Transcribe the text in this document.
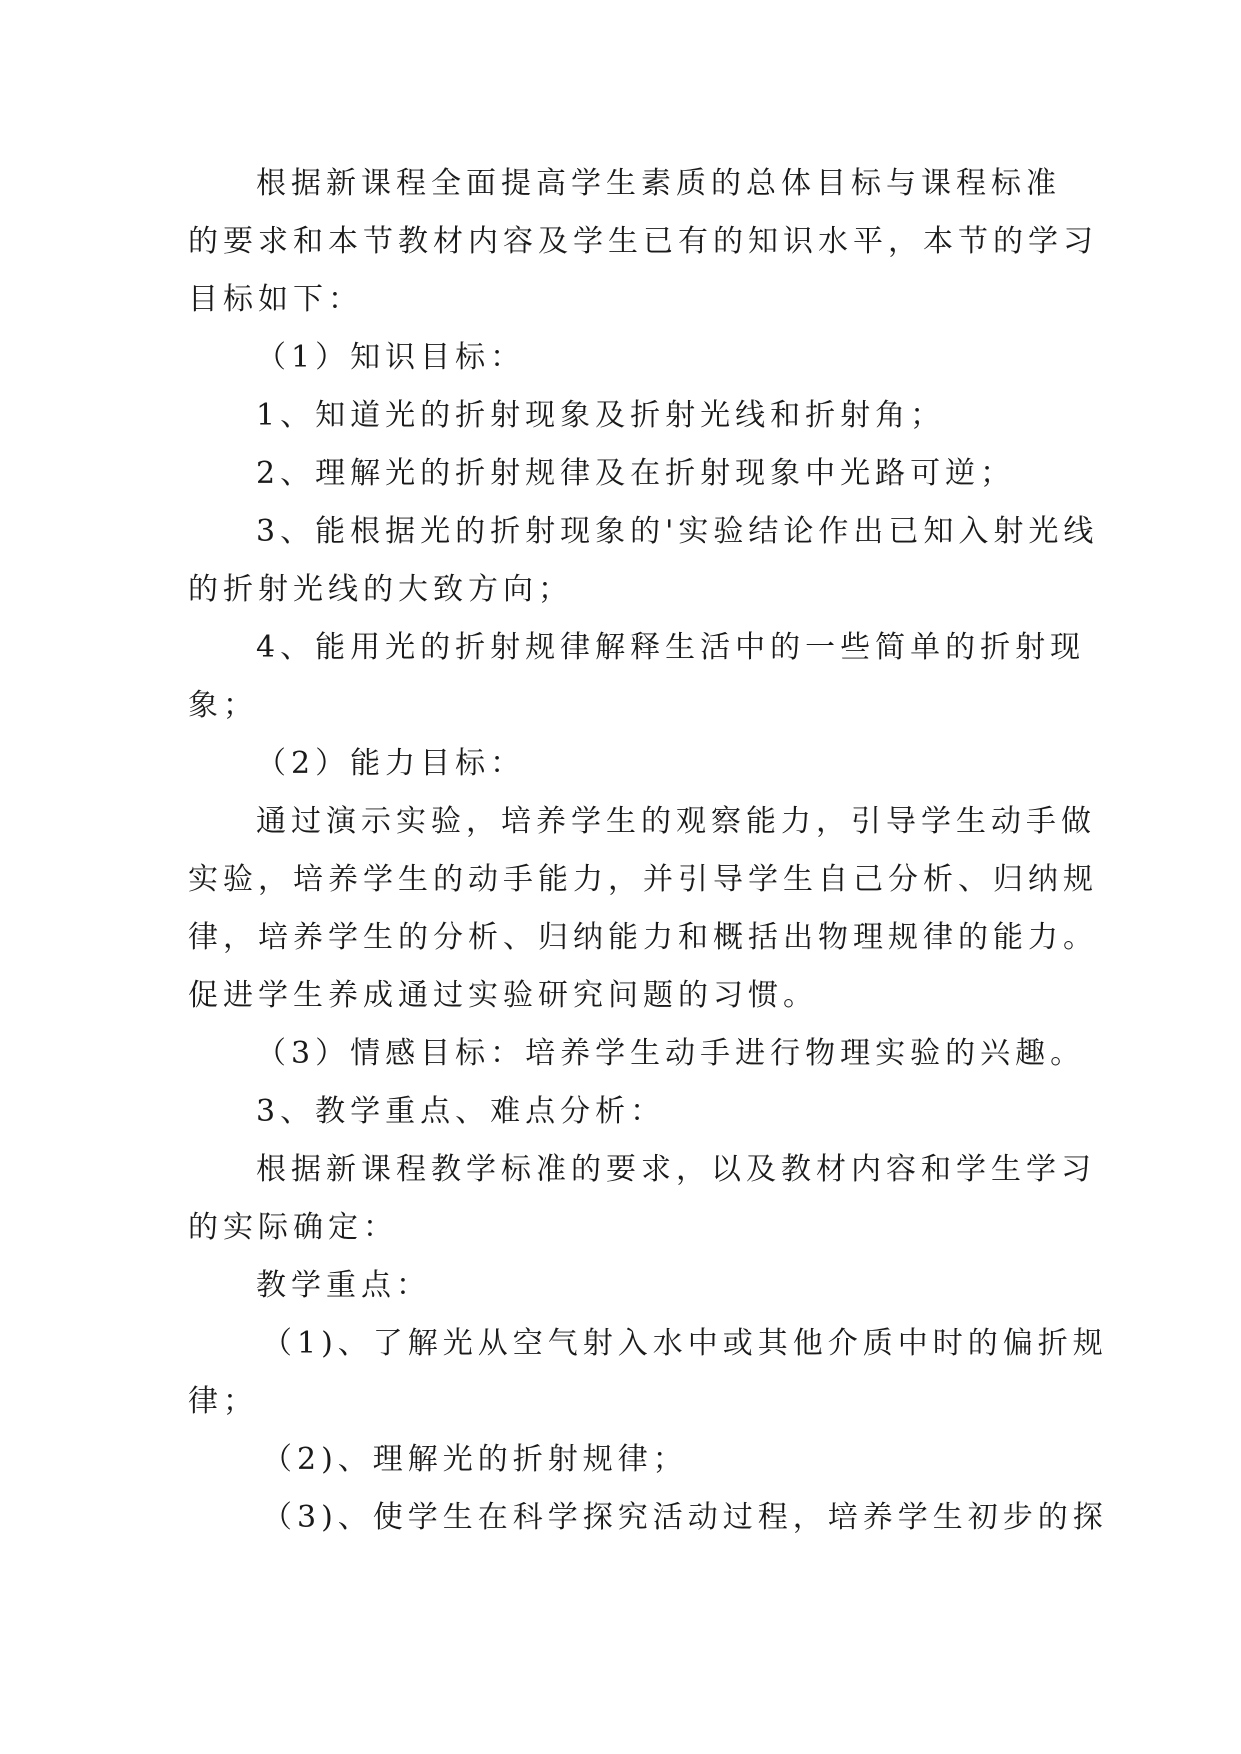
根据新课程全面提高学生素质的总体目标与课程标准
的要求和本节教材内容及学生已有的知识水平，本节的学习
目标如下：
（1）知识目标：
1、知道光的折射现象及折射光线和折射角；
2、理解光的折射规律及在折射现象中光路可逆；
3、能根据光的折射现象的'实验结论作出已知入射光线
的折射光线的大致方向；
4、能用光的折射规律解释生活中的一些简单的折射现
象；
（2）能力目标：
通过演示实验，培养学生的观察能力，引导学生动手做
实验，培养学生的动手能力，并引导学生自己分析、归纳规
律，培养学生的分析、归纳能力和概括出物理规律的能力。
促进学生养成通过实验研究问题的习惯。
（3）情感目标：培养学生动手进行物理实验的兴趣。
3、教学重点、难点分析：
根据新课程教学标准的要求，以及教材内容和学生学习
的实际确定：
教学重点：
（1)、了解光从空气射入水中或其他介质中时的偏折规
律；
（2)、理解光的折射规律；
（3)、使学生在科学探究活动过程，培养学生初步的探
